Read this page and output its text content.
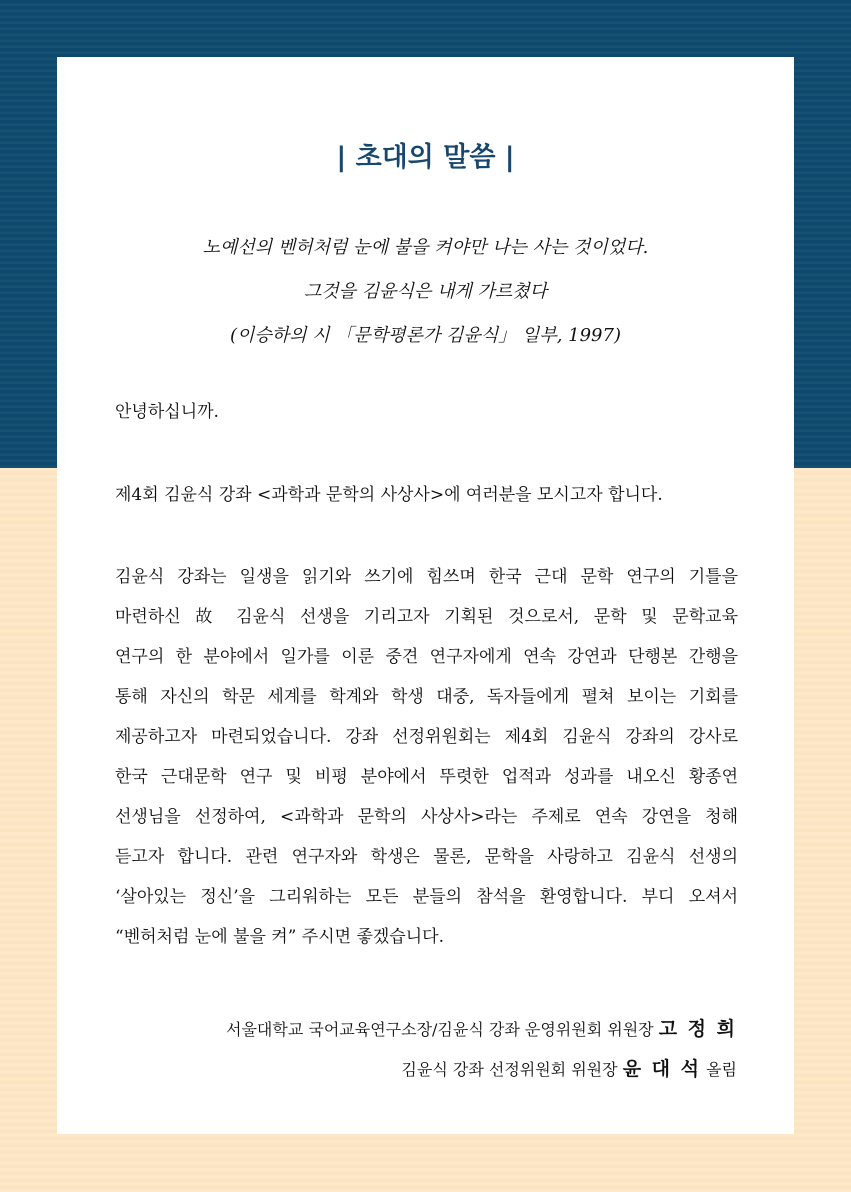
| 초대의 말씀 |
노예선의 벤허처럼 눈에 불을 켜야만 나는 사는 것이었다.
그것을 김윤식은 내게 가르쳤다
(이승하의 시 「문학평론가 김윤식」 일부, 1997)
안녕하십니까.
제4회 김윤식 강좌 <과학과 문학의 사상사>에 여러분을 모시고자 합니다.
김윤식 강좌는 일생을 읽기와 쓰기에 힘쓰며 한국 근대 문학 연구의 기틀을
마련하신 故 김윤식 선생을 기리고자 기획된 것으로서, 문학 및 문학교육
연구의 한 분야에서 일가를 이룬 중견 연구자에게 연속 강연과 단행본 간행을
통해 자신의 학문 세계를 학계와 학생 대중, 독자들에게 펼쳐 보이는 기회를
제공하고자 마련되었습니다. 강좌 선정위원회는 제4회 김윤식 강좌의 강사로
한국 근대문학 연구 및 비평 분야에서 뚜렷한 업적과 성과를 내오신 황종연
선생님을 선정하여, <과학과 문학의 사상사>라는 주제로 연속 강연을 청해
듣고자 합니다. 관련 연구자와 학생은 물론, 문학을 사랑하고 김윤식 선생의
‘살아있는 정신’을 그리워하는 모든 분들의 참석을 환영합니다. 부디 오셔서
“벤허처럼 눈에 불을 켜” 주시면 좋겠습니다.
서울대학교 국어교육연구소장/김윤식 강좌 운영위원회 위원장 고 정 희
김윤식 강좌 선정위원회 위원장 윤 대 석 올림
